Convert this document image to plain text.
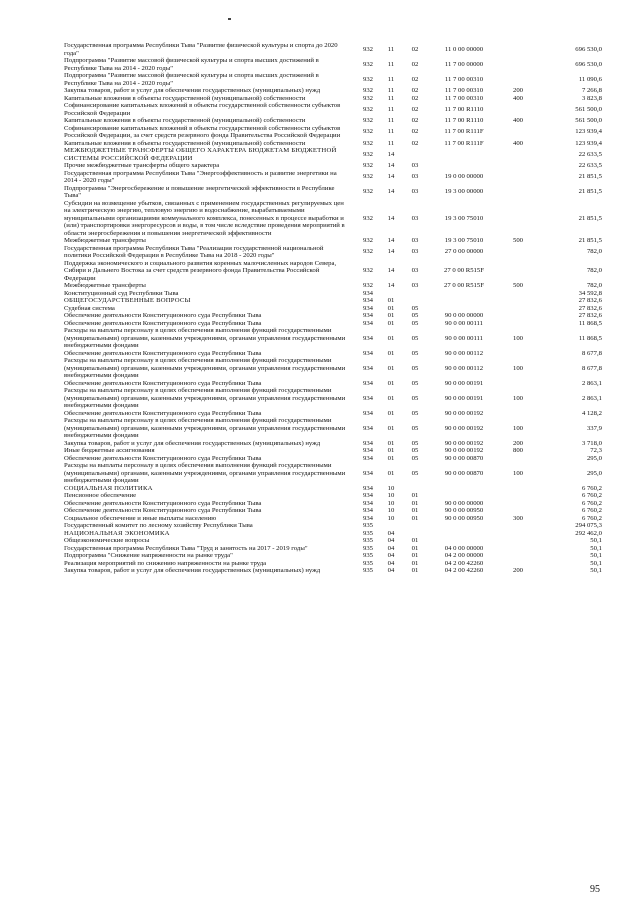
Государственная программа Республики Тыва "Развитие физической культуры и спорта до 2020 года"	932	11	02	11 0 00 00000		696 530,0
Подпрограмма "Развитие массовой физической культуры и спорта высших достижений в Республике Тыва на 2014 - 2020 годы"	932	11	02	11 7 00 00000		696 530,0
Подпрограмма "Развитие массовой физической культуры и спорта высших достижений в Республике Тыва на 2014 - 2020 годы"	932	11	02	11 7 00 00310		11 090,6
Закупка товаров, работ и услуг для обеспечения государственных (муниципальных) нужд	932	11	02	11 7 00 00310	200	7 266,8
Капитальные вложения в объекты государственной (муниципальной) собственности	932	11	02	11 7 00 00310	400	3 823,8
Софинансирование капитальных вложений в объекты государственной собственности субъектов Российской Федерации	932	11	02	11 7 00 R1110		561 500,0
Капитальные вложения в объекты государственной (муниципальной) собственности	932	11	02	11 7 00 R1110	400	561 500,0
Софинансирование капитальных вложений в объекты государственной собственности субъектов Российской Федерации, за счет средств резервного фонда Правительства Российской Федерации	932	11	02	11 7 00 R111F		123 939,4
Капитальные вложения в объекты государственной (муниципальной) собственности	932	11	02	11 7 00 R111F	400	123 939,4
МЕЖБЮДЖЕТНЫЕ ТРАНСФЕРТЫ ОБЩЕГО ХАРАКТЕРА БЮДЖЕТАМ БЮДЖЕТНОЙ СИСТЕМЫ РОССИЙСКОЙ ФЕДЕРАЦИИ	932	14				22 633,5
Прочие межбюджетные трансферты общего характера	932	14	03			22 633,5
Государственная программа Республики Тыва "Энергоэффективность и развитие энергетики на 2014 - 2020 годы"	932	14	03	19 0 00 00000		21 851,5
Подпрограмма "Энергосбережение и повышение энергетической эффективности в Республике Тыва"	932	14	03	19 3 00 00000		21 851,5
Субсидии на возмещение убытков, связанных с применением государственных регулируемых цен на электрическую энергию, тепловую энергию и водоснабжение, вырабатываемыми муниципальными организациями коммунального комплекса, понесенных в процессе выработки и (или) транспортировки энергоресурсов и воды, в том числе вследствие проведения мероприятий в области энергосбережения и повышения энергетической эффективности	932	14	03	19 3 00 75010		21 851,5
Межбюджетные трансферты	932	14	03	19 3 00 75010	500	21 851,5
Государственная программа Республики Тыва "Реализация государственной национальной политики Российской Федерации в Республике Тыва на 2018 - 2020 годы"	932	14	03	27 0 00 00000		782,0
Поддержка экономического и социального развития коренных малочисленных народов Севера, Сибири и Дальнего Востока за счет средств резервного фонда Правительства Российской Федерации	932	14	03	27 0 00 R515F		782,0
Межбюджетные трансферты	932	14	03	27 0 00 R515F	500	782,0
Конституционный суд Республики Тыва	934					34 592,8
ОБЩЕГОСУДАРСТВЕННЫЕ ВОПРОСЫ	934	01				27 832,6
Судебная система	934	01	05			27 832,6
Обеспечение деятельности Конституционного суда Республики Тыва	934	01	05	90 0 00 00000		27 832,6
Обеспечение деятельности Конституционного суда Республики Тыва	934	01	05	90 0 00 00111		11 868,5
Расходы на выплаты персоналу в целях обеспечения выполнения функций государственными (муниципальными) органами, казенными учреждениями, органами управления государственными внебюджетными фондами	934	01	05	90 0 00 00111	100	11 868,5
Обеспечение деятельности Конституционного суда Республики Тыва	934	01	05	90 0 00 00112		8 677,8
Расходы на выплаты персоналу в целях обеспечения выполнения функций государственными (муниципальными) органами, казенными учреждениями, органами управления государственными внебюджетными фондами	934	01	05	90 0 00 00112	100	8 677,8
Обеспечение деятельности Конституционного суда Республики Тыва	934	01	05	90 0 00 00191		2 863,1
Расходы на выплаты персоналу в целях обеспечения выполнения функций государственными (муниципальными) органами, казенными учреждениями, органами управления государственными внебюджетными фондами	934	01	05	90 0 00 00191	100	2 863,1
Обеспечение деятельности Конституционного суда Республики Тыва	934	01	05	90 0 00 00192		4 128,2
Расходы на выплаты персоналу в целях обеспечения выполнения функций государственными (муниципальными) органами, казенными учреждениями, органами управления государственными внебюджетными фондами	934	01	05	90 0 00 00192	100	337,9
Закупка товаров, работ и услуг для обеспечения государственных (муниципальных) нужд	934	01	05	90 0 00 00192	200	3 718,0
Иные бюджетные ассигнования	934	01	05	90 0 00 00192	800	72,3
Обеспечение деятельности Конституционного суда Республики Тыва	934	01	05	90 0 00 00870		295,0
Расходы на выплаты персоналу в целях обеспечения выполнения функций государственными (муниципальными) органами, казенными учреждениями, органами управления государственными внебюджетными фондами	934	01	05	90 0 00 00870	100	295,0
СОЦИАЛЬНАЯ ПОЛИТИКА	934	10				6 760,2
Пенсионное обеспечение	934	10	01			6 760,2
Обеспечение деятельности Конституционного суда Республики Тыва	934	10	01	90 0 00 00000		6 760,2
Обеспечение деятельности Конституционного суда Республики Тыва	934	10	01	90 0 00 00950		6 760,2
Социальное обеспечение и иные выплаты населению	934	10	01	90 0 00 00950	300	6 760,2
Государственный комитет по лесному хозяйству Республики Тыва	935					294 075,3
НАЦИОНАЛЬНАЯ ЭКОНОМИКА	935	04				292 462,0
Общеэкономические вопросы	935	04	01			50,1
Государственная программа Республики Тыва "Труд и занятость на 2017 - 2019 годы"	935	04	01	04 0 00 00000		50,1
Подпрограмма "Снижение напряженности на рынке труда"	935	04	01	04 2 00 00000		50,1
Реализация мероприятий по снижению напряженности на рынке труда	935	04	01	04 2 00 42260		50,1
Закупка товаров, работ и услуг для обеспечения государственных (муниципальных) нужд	935	04	01	04 2 00 42260	200	50,1
95
